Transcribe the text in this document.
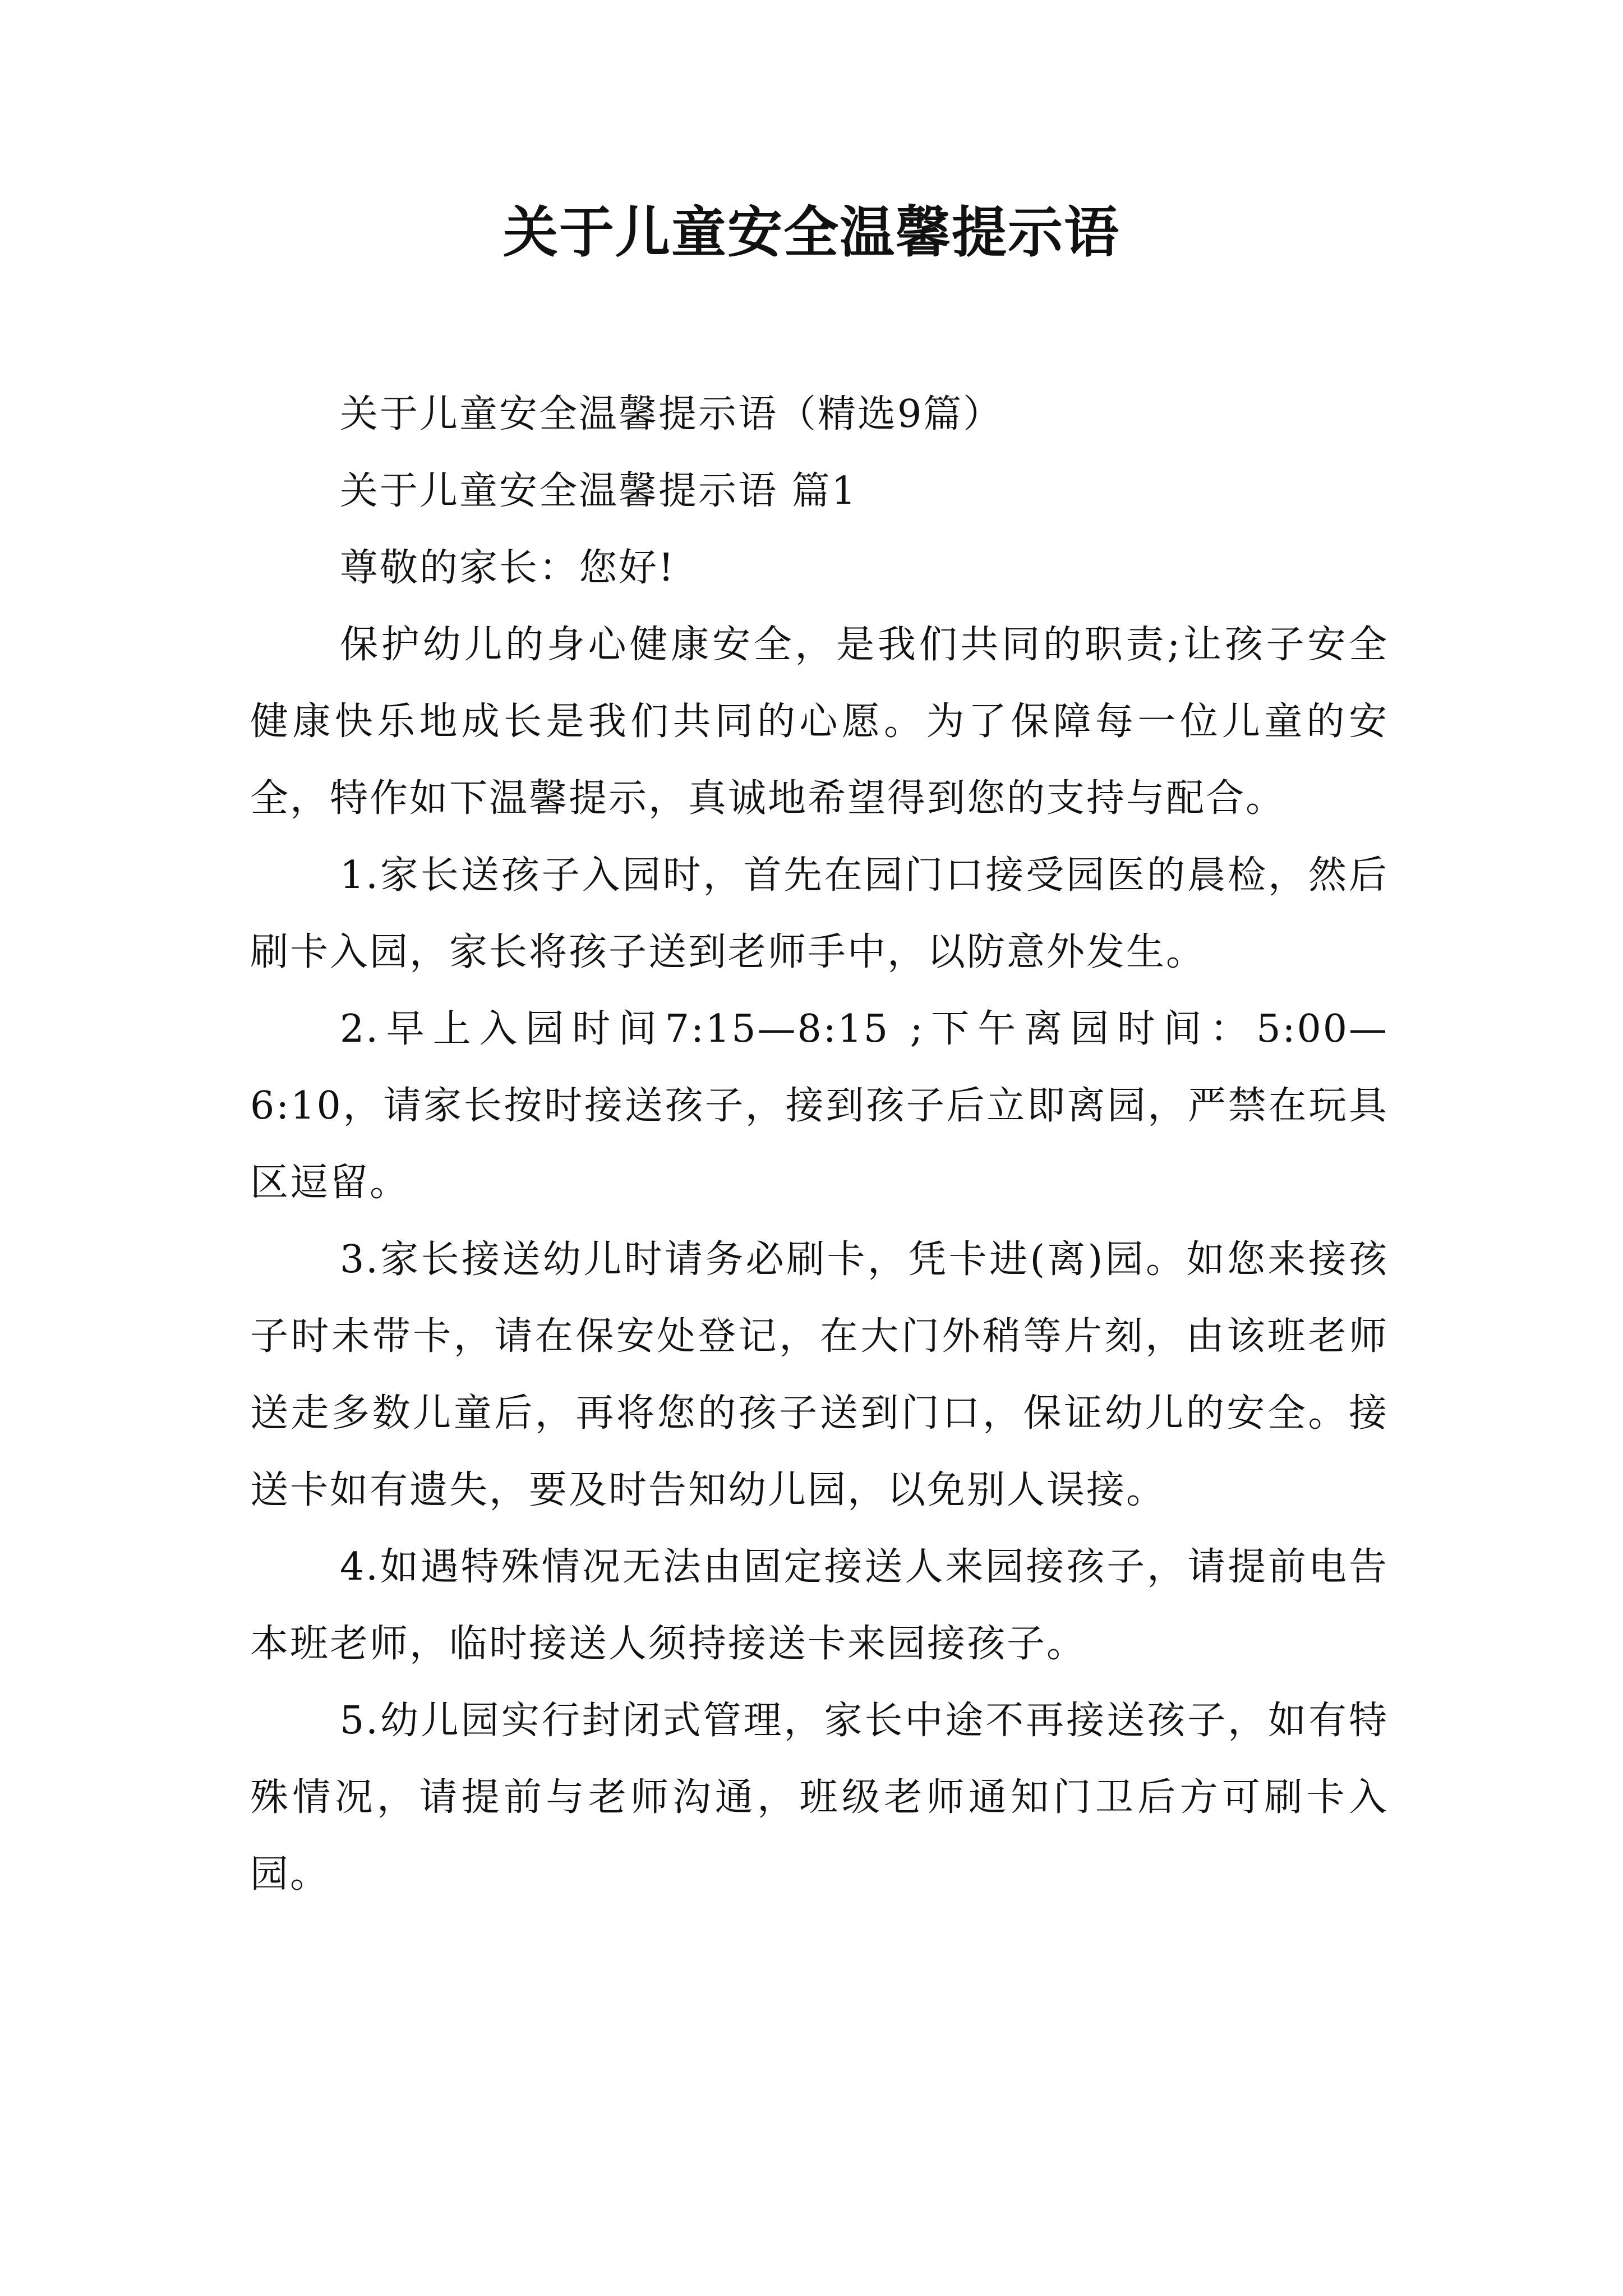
关于儿童安全温馨提示语

关于儿童安全温馨提示语（精选9篇）

关于儿童安全温馨提示语 篇1

尊敬的家长：您好!

保护幼儿的身心健康安全，是我们共同的职责;让孩子安全健康快乐地成长是我们共同的心愿。为了保障每一位儿童的安全，特作如下温馨提示，真诚地希望得到您的支持与配合。

1.家长送孩子入园时，首先在园门口接受园医的晨检，然后刷卡入园，家长将孩子送到老师手中，以防意外发生。

2.早上入园时间7:15—8:15 ;下午离园时间：5:00—6:10，请家长按时接送孩子，接到孩子后立即离园，严禁在玩具区逗留。

3.家长接送幼儿时请务必刷卡，凭卡进(离)园。如您来接孩子时未带卡，请在保安处登记，在大门外稍等片刻，由该班老师送走多数儿童后，再将您的孩子送到门口，保证幼儿的安全。接送卡如有遗失，要及时告知幼儿园，以免别人误接。

4.如遇特殊情况无法由固定接送人来园接孩子，请提前电告本班老师，临时接送人须持接送卡来园接孩子。

5.幼儿园实行封闭式管理，家长中途不再接送孩子，如有特殊情况，请提前与老师沟通，班级老师通知门卫后方可刷卡入园。
